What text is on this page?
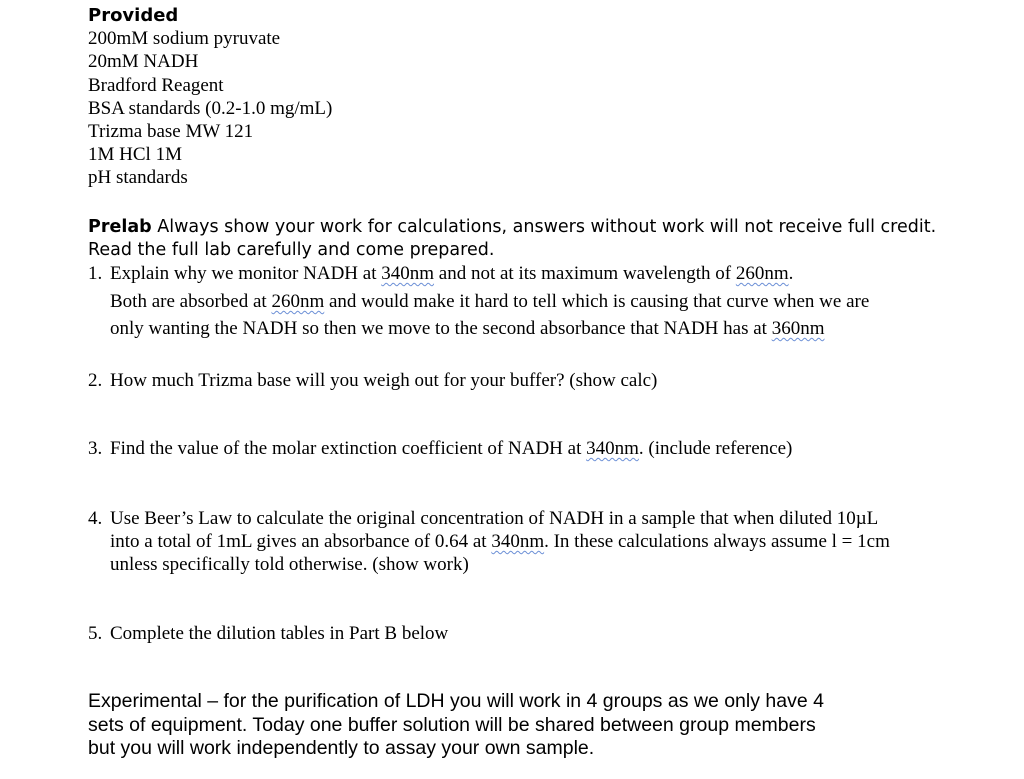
Provided
200mM sodium pyruvate
20mM NADH
Bradford Reagent
BSA standards (0.2-1.0 mg/mL)
Trizma base MW 121
1M HCl 1M
pH standards
Prelab Always show your work for calculations, answers without work will not receive full credit.
Read the full lab carefully and come prepared.
1. Explain why we monitor NADH at 340nm and not at its maximum wavelength of 260nm.
Both are absorbed at 260nm and would make it hard to tell which is causing that curve when we are
only wanting the NADH so then we move to the second absorbance that NADH has at 360nm
2. How much Trizma base will you weigh out for your buffer? (show calc)
3. Find the value of the molar extinction coefficient of NADH at 340nm. (include reference)
4. Use Beer’s Law to calculate the original concentration of NADH in a sample that when diluted 10µL
into a total of 1mL gives an absorbance of 0.64 at 340nm. In these calculations always assume l = 1cm
unless specifically told otherwise. (show work)
5. Complete the dilution tables in Part B below
Experimental – for the purification of LDH you will work in 4 groups as we only have 4
sets of equipment. Today one buffer solution will be shared between group members
but you will work independently to assay your own sample.
